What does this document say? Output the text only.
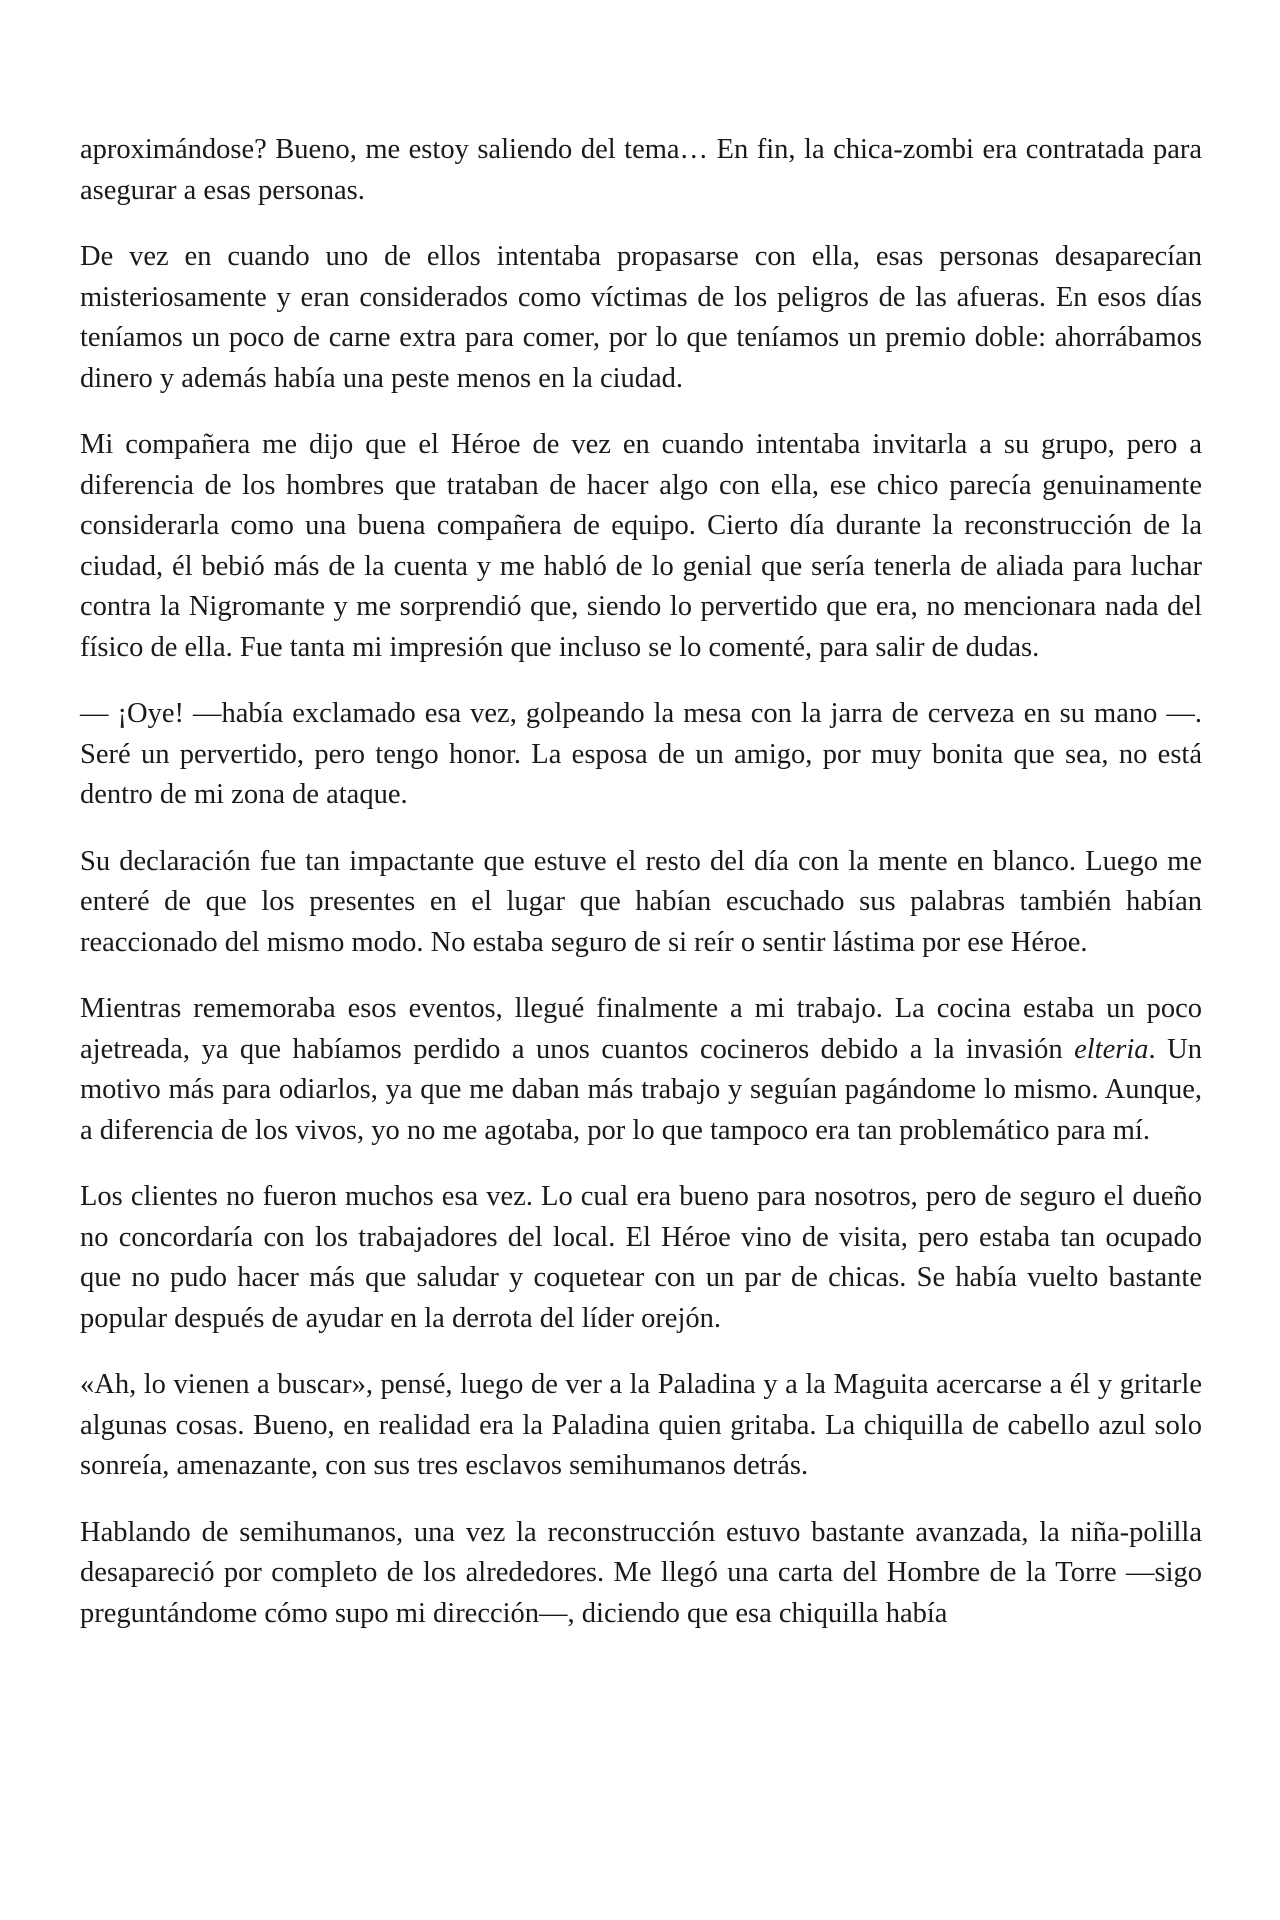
aproximándose? Bueno, me estoy saliendo del tema… En fin, la chica-zombi era contratada para asegurar a esas personas.

De vez en cuando uno de ellos intentaba propasarse con ella, esas personas desaparecían misteriosamente y eran considerados como víctimas de los peligros de las afueras. En esos días teníamos un poco de carne extra para comer, por lo que teníamos un premio doble: ahorrábamos dinero y además había una peste menos en la ciudad.

Mi compañera me dijo que el Héroe de vez en cuando intentaba invitarla a su grupo, pero a diferencia de los hombres que trataban de hacer algo con ella, ese chico parecía genuinamente considerarla como una buena compañera de equipo. Cierto día durante la reconstrucción de la ciudad, él bebió más de la cuenta y me habló de lo genial que sería tenerla de aliada para luchar contra la Nigromante y me sorprendió que, siendo lo pervertido que era, no mencionara nada del físico de ella. Fue tanta mi impresión que incluso se lo comenté, para salir de dudas.

— ¡Oye! —había exclamado esa vez, golpeando la mesa con la jarra de cerveza en su mano —. Seré un pervertido, pero tengo honor. La esposa de un amigo, por muy bonita que sea, no está dentro de mi zona de ataque.

Su declaración fue tan impactante que estuve el resto del día con la mente en blanco. Luego me enteré de que los presentes en el lugar que habían escuchado sus palabras también habían reaccionado del mismo modo. No estaba seguro de si reír o sentir lástima por ese Héroe.

Mientras rememoraba esos eventos, llegué finalmente a mi trabajo. La cocina estaba un poco ajetreada, ya que habíamos perdido a unos cuantos cocineros debido a la invasión elteria. Un motivo más para odiarlos, ya que me daban más trabajo y seguían pagándome lo mismo. Aunque, a diferencia de los vivos, yo no me agotaba, por lo que tampoco era tan problemático para mí.

Los clientes no fueron muchos esa vez. Lo cual era bueno para nosotros, pero de seguro el dueño no concordaría con los trabajadores del local. El Héroe vino de visita, pero estaba tan ocupado que no pudo hacer más que saludar y coquetear con un par de chicas. Se había vuelto bastante popular después de ayudar en la derrota del líder orejón.

«Ah, lo vienen a buscar», pensé, luego de ver a la Paladina y a la Maguita acercarse a él y gritarle algunas cosas. Bueno, en realidad era la Paladina quien gritaba. La chiquilla de cabello azul solo sonreía, amenazante, con sus tres esclavos semihumanos detrás.

Hablando de semihumanos, una vez la reconstrucción estuvo bastante avanzada, la niña-polilla desapareció por completo de los alrededores. Me llegó una carta del Hombre de la Torre —sigo preguntándome cómo supo mi dirección—, diciendo que esa chiquilla había
